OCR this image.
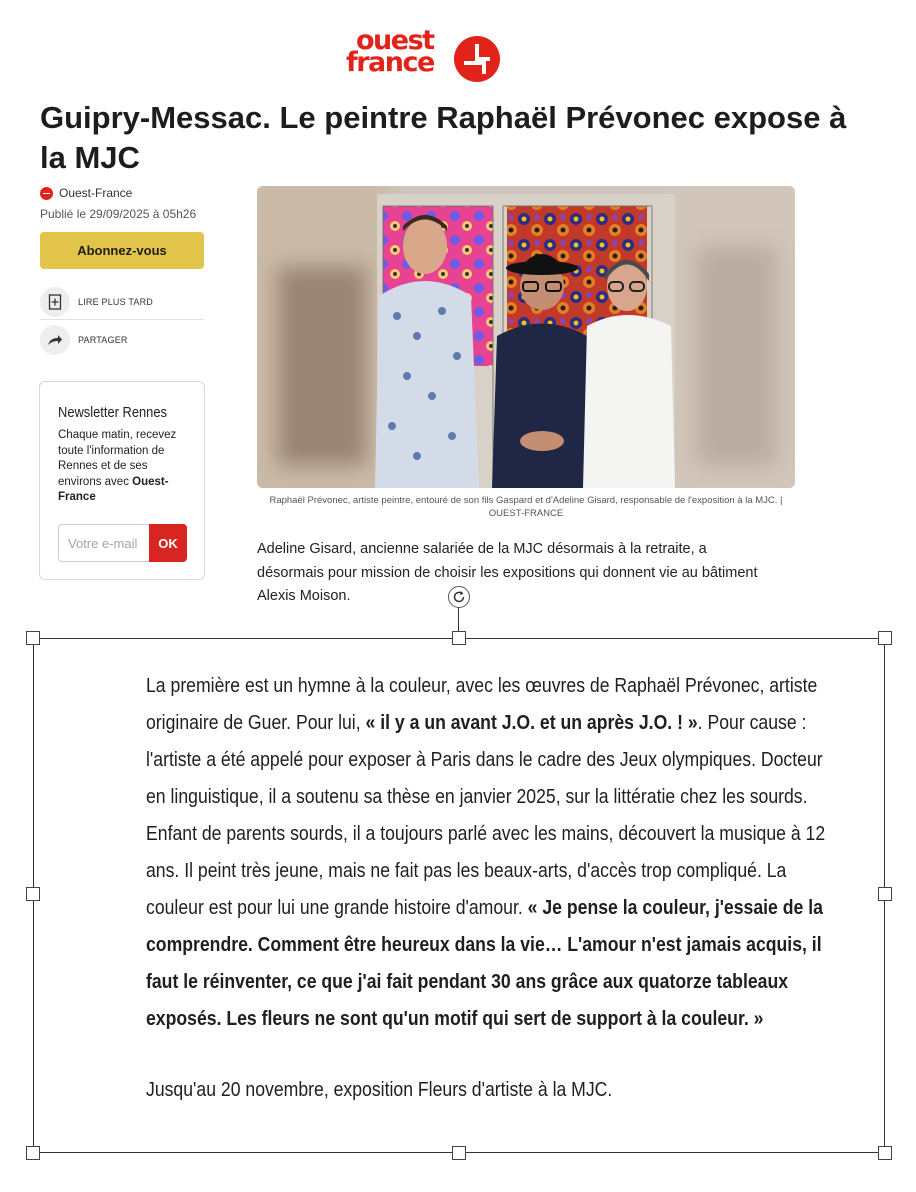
ouest
france
Guipry-Messac. Le peintre Raphaël Prévonec expose à la MJC
Ouest-France
Publié le 29/09/2025 à 05h26
Abonnez-vous
LIRE PLUS TARD
PARTAGER
Newsletter Rennes
Chaque matin, recevez toute l'information de Rennes et de ses environs avec Ouest-France
Votre e-mail
OK
Raphaël Prévonec, artiste peintre, entouré de son fils Gaspard et d'Adeline Gisard, responsable de l'exposition à la MJC. | OUEST-FRANCE

Adeline Gisard, ancienne salariée de la MJC désormais à la retraite, a désormais pour mission de choisir les expositions qui donnent vie au bâtiment Alexis Moison.

La première est un hymne à la couleur, avec les œuvres de Raphaël Prévonec, artiste originaire de Guer. Pour lui, « il y a un avant J.O. et un après J.O. ! ». Pour cause : l'artiste a été appelé pour exposer à Paris dans le cadre des Jeux olympiques. Docteur en linguistique, il a soutenu sa thèse en janvier 2025, sur la littératie chez les sourds. Enfant de parents sourds, il a toujours parlé avec les mains, découvert la musique à 12 ans. Il peint très jeune, mais ne fait pas les beaux-arts, d'accès trop compliqué. La couleur est pour lui une grande histoire d'amour. « Je pense la couleur, j'essaie de la comprendre. Comment être heureux dans la vie… L'amour n'est jamais acquis, il faut le réinventer, ce que j'ai fait pendant 30 ans grâce aux quatorze tableaux exposés. Les fleurs ne sont qu'un motif qui sert de support à la couleur. »

Jusqu'au 20 novembre, exposition Fleurs d'artiste à la MJC.
